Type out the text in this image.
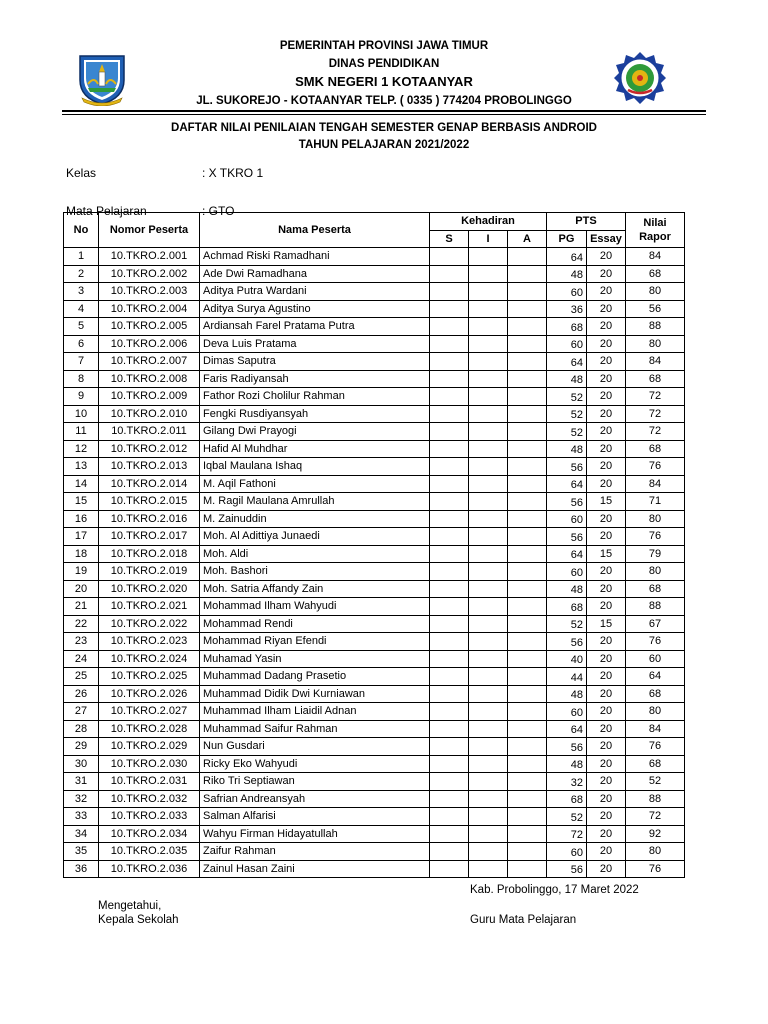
PEMERINTAH PROVINSI JAWA TIMUR
DINAS PENDIDIKAN
SMK NEGERI 1 KOTAANYAR
JL. SUKOREJO - KOTAANYAR TELP. ( 0335 ) 774204 PROBOLINGGO
DAFTAR NILAI PENILAIAN TENGAH SEMESTER GENAP BERBASIS ANDROID
TAHUN PELAJARAN 2021/2022
Kelas	: X TKRO 1
Mata Pelajaran	: GTO
No	Nomor Peserta	Nama Peserta	Kehadiran			PTS		Nilai
Rapor
			S	I	A	PG	Essay	
1	10.TKRO.2.001	Achmad Riski Ramadhani				64	20	84
2	10.TKRO.2.002	Ade Dwi Ramadhana				48	20	68
3	10.TKRO.2.003	Aditya Putra Wardani				60	20	80
4	10.TKRO.2.004	Aditya Surya Agustino				36	20	56
5	10.TKRO.2.005	Ardiansah Farel Pratama Putra				68	20	88
6	10.TKRO.2.006	Deva Luis Pratama				60	20	80
7	10.TKRO.2.007	Dimas Saputra				64	20	84
8	10.TKRO.2.008	Faris Radiyansah				48	20	68
9	10.TKRO.2.009	Fathor Rozi Cholilur Rahman				52	20	72
10	10.TKRO.2.010	Fengki Rusdiyansyah				52	20	72
11	10.TKRO.2.011	Gilang Dwi Prayogi				52	20	72
12	10.TKRO.2.012	Hafid Al Muhdhar				48	20	68
13	10.TKRO.2.013	Iqbal Maulana Ishaq				56	20	76
14	10.TKRO.2.014	M. Aqil Fathoni				64	20	84
15	10.TKRO.2.015	M. Ragil Maulana Amrullah				56	15	71
16	10.TKRO.2.016	M. Zainuddin				60	20	80
17	10.TKRO.2.017	Moh. Al Adittiya Junaedi				56	20	76
18	10.TKRO.2.018	Moh. Aldi				64	15	79
19	10.TKRO.2.019	Moh. Bashori				60	20	80
20	10.TKRO.2.020	Moh. Satria Affandy Zain				48	20	68
21	10.TKRO.2.021	Mohammad Ilham Wahyudi				68	20	88
22	10.TKRO.2.022	Mohammad Rendi				52	15	67
23	10.TKRO.2.023	Mohammad Riyan Efendi				56	20	76
24	10.TKRO.2.024	Muhamad Yasin				40	20	60
25	10.TKRO.2.025	Muhammad Dadang Prasetio				44	20	64
26	10.TKRO.2.026	Muhammad Didik Dwi Kurniawan				48	20	68
27	10.TKRO.2.027	Muhammad Ilham Liaidil Adnan				60	20	80
28	10.TKRO.2.028	Muhammad Saifur Rahman				64	20	84
29	10.TKRO.2.029	Nun Gusdari				56	20	76
30	10.TKRO.2.030	Ricky Eko Wahyudi				48	20	68
31	10.TKRO.2.031	Riko Tri Septiawan				32	20	52
32	10.TKRO.2.032	Safrian Andreansyah				68	20	88
33	10.TKRO.2.033	Salman Alfarisi				52	20	72
34	10.TKRO.2.034	Wahyu Firman Hidayatullah				72	20	92
35	10.TKRO.2.035	Zaifur Rahman				60	20	80
36	10.TKRO.2.036	Zainul Hasan Zaini				56	20	76
Kab. Probolinggo, 17 Maret 2022
Mengetahui,
Kepala Sekolah	Guru Mata Pelajaran
